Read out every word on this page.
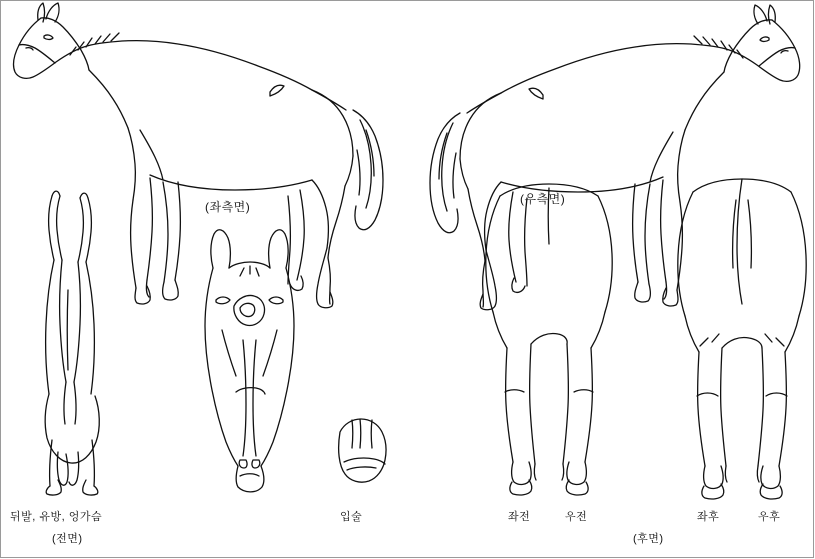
(좌측면)
(우측면)
뒤발, 유방, 엉가슴
(전면)
입술	좌전	우전
(후면)
좌후	우후
